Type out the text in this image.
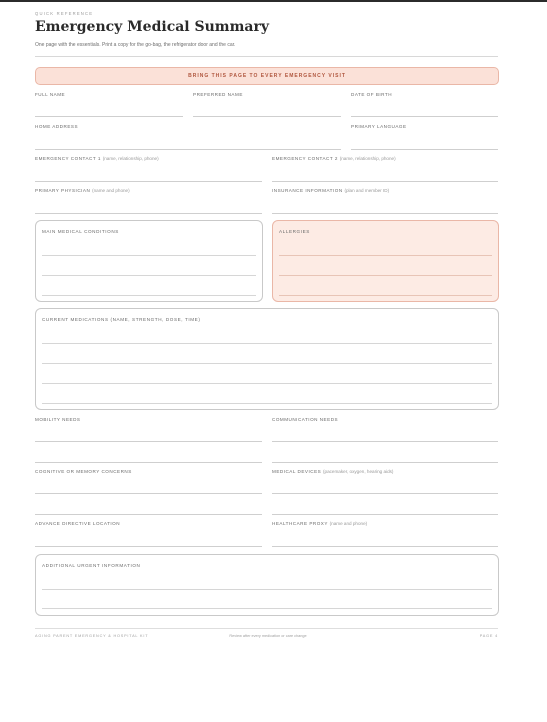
QUICK REFERENCE
Emergency Medical Summary
One page with the essentials. Print a copy for the go-bag, the refrigerator door and the car.
BRING THIS PAGE TO EVERY EMERGENCY VISIT
FULL NAME	PREFERRED NAME	DATE OF BIRTH
HOME ADDRESS	PRIMARY LANGUAGE
EMERGENCY CONTACT 1 (name, relationship, phone)	EMERGENCY CONTACT 2 (name, relationship, phone)
PRIMARY PHYSICIAN (name and phone)	INSURANCE INFORMATION (plan and member ID)
MAIN MEDICAL CONDITIONS	ALLERGIES
CURRENT MEDICATIONS (NAME, STRENGTH, DOSE, TIME)
MOBILITY NEEDS	COMMUNICATION NEEDS
COGNITIVE OR MEMORY CONCERNS	MEDICAL DEVICES (pacemaker, oxygen, hearing aids)
ADVANCE DIRECTIVE LOCATION	HEALTHCARE PROXY (name and phone)
ADDITIONAL URGENT INFORMATION
AGING PARENT EMERGENCY & HOSPITAL KIT	Review after every medication or care change	PAGE 4
